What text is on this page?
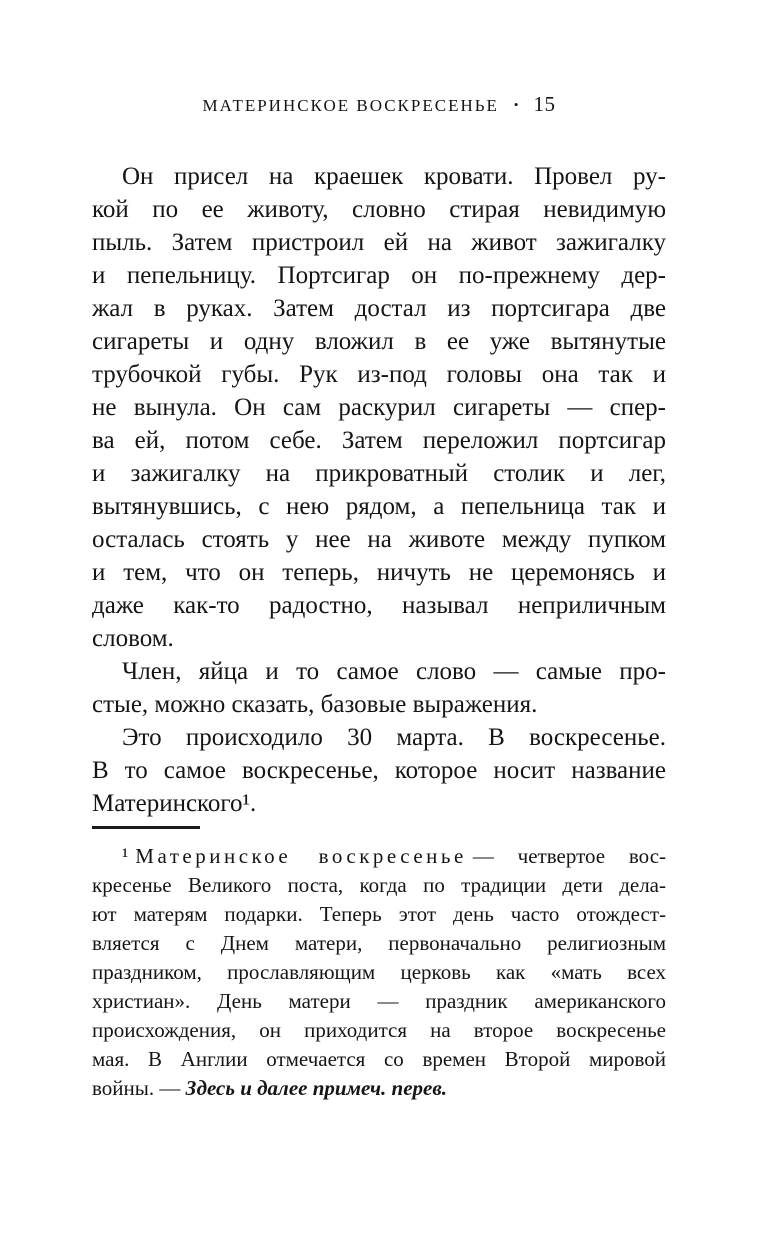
МАТЕРИНСКОЕ ВОСКРЕСЕНЬЕ • 15
Он присел на краешек кровати. Провел ру-
кой по ее животу, словно стирая невидимую
пыль. Затем пристроил ей на живот зажигалку
и пепельницу. Портсигар он по-прежнему дер-
жал в руках. Затем достал из портсигара две
сигареты и одну вложил в ее уже вытянутые
трубочкой губы. Рук из-под головы она так и
не вынула. Он сам раскурил сигареты — спер-
ва ей, потом себе. Затем переложил портсигар
и зажигалку на прикроватный столик и лег,
вытянувшись, с нею рядом, а пепельница так и
осталась стоять у нее на животе между пупком
и тем, что он теперь, ничуть не церемонясь и
даже как-то радостно, называл неприличным
словом.
Член, яйца и то самое слово — самые про-
стые, можно сказать, базовые выражения.
Это происходило 30 марта. В воскресенье.
В то самое воскресенье, которое носит название
Материнского¹.
¹ Материнское воскресенье — четвертое вос-
кресенье Великого поста, когда по традиции дети дела-
ют матерям подарки. Теперь этот день часто отождест-
вляется с Днем матери, первоначально религиозным
праздником, прославляющим церковь как «мать всех
христиан». День матери — праздник американского
происхождения, он приходится на второе воскресенье
мая. В Англии отмечается со времен Второй мировой
войны. — Здесь и далее примеч. перев.
